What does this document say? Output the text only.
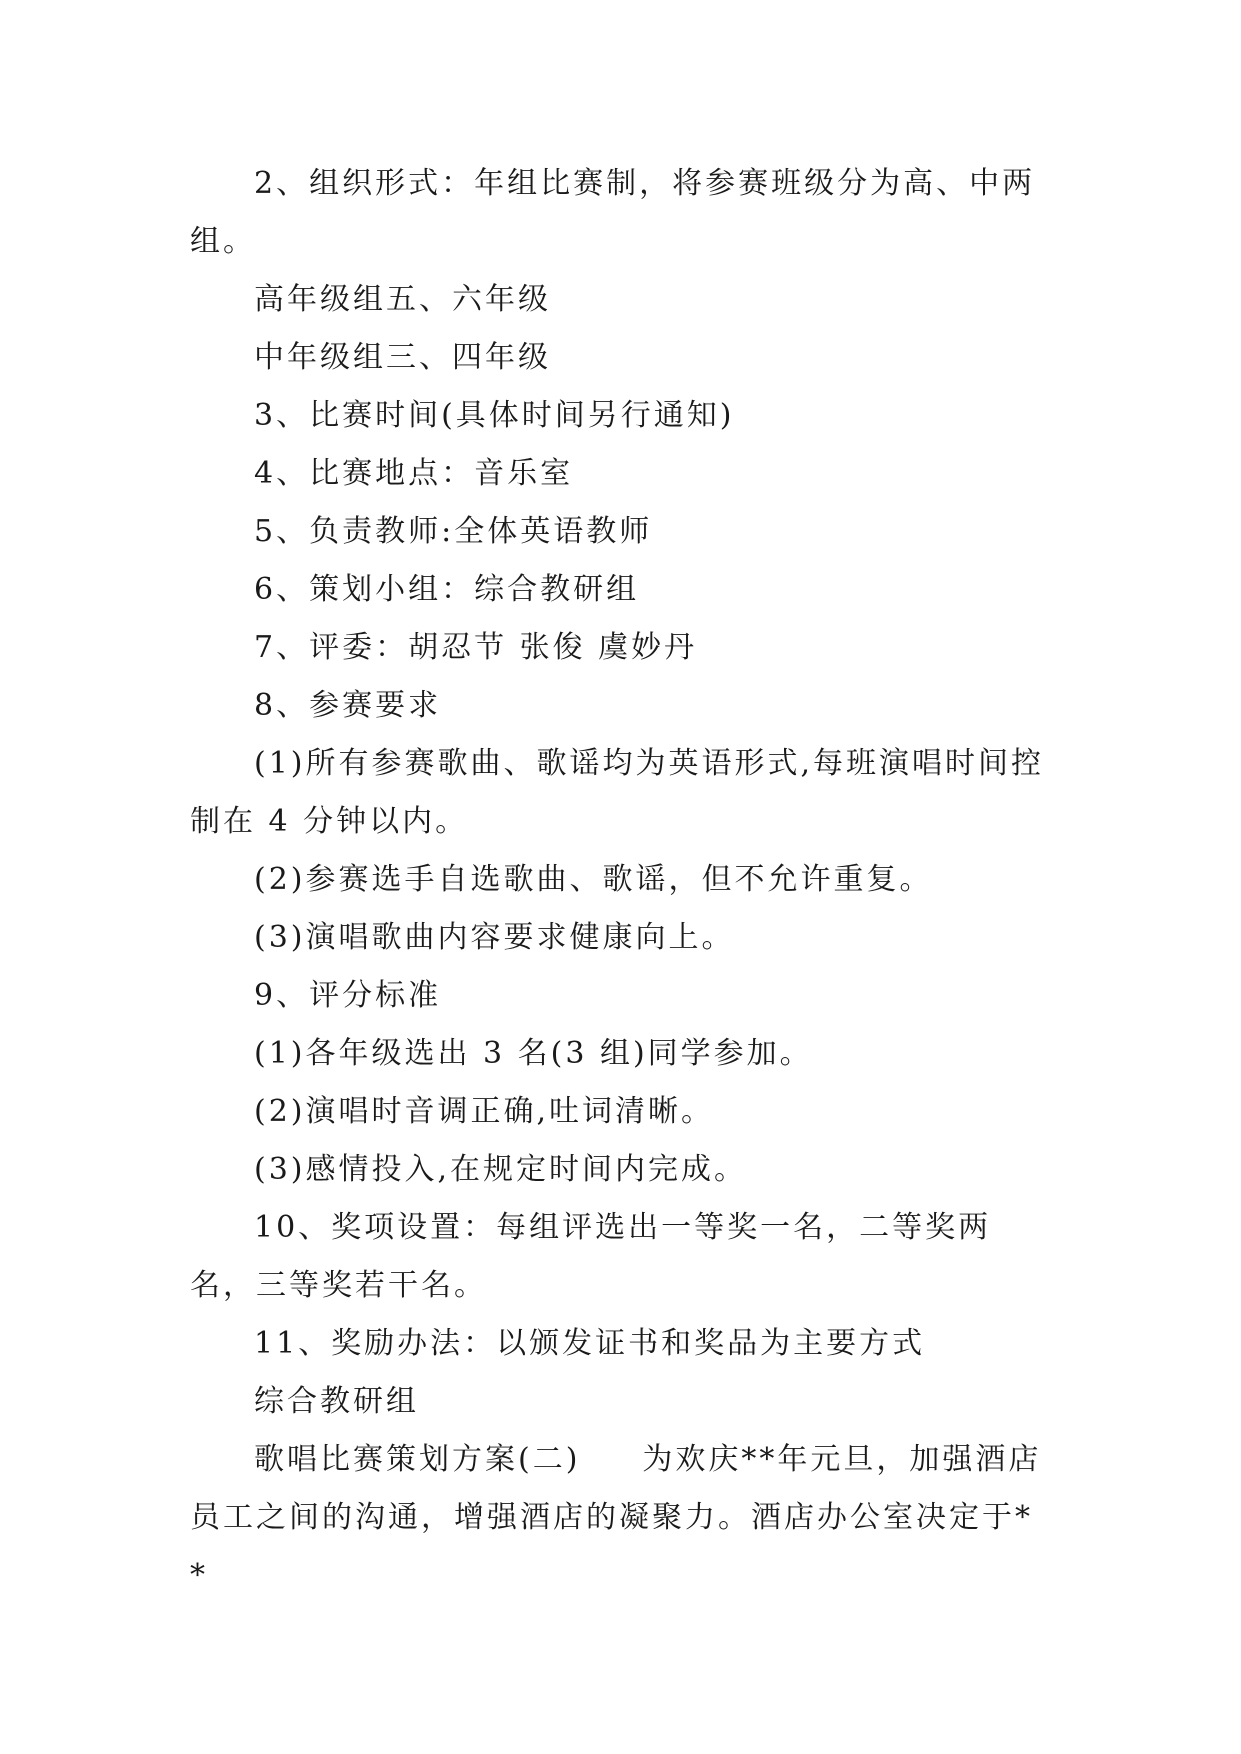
2、组织形式：年组比赛制，将参赛班级分为高、中两组。

高年级组五、六年级

中年级组三、四年级

3、比赛时间(具体时间另行通知)

4、比赛地点：音乐室

5、负责教师:全体英语教师

6、策划小组：综合教研组

7、评委：胡忍节 张俊 虞妙丹

8、参赛要求

(1)所有参赛歌曲、歌谣均为英语形式,每班演唱时间控制在 4 分钟以内。

(2)参赛选手自选歌曲、歌谣，但不允许重复。

(3)演唱歌曲内容要求健康向上。

9、评分标准

(1)各年级选出 3 名(3 组)同学参加。

(2)演唱时音调正确,吐词清晰。

(3)感情投入,在规定时间内完成。

10、奖项设置：每组评选出一等奖一名，二等奖两名，三等奖若干名。

11、奖励办法：以颁发证书和奖品为主要方式

综合教研组

歌唱比赛策划方案(二) 为欢庆**年元旦，加强酒店员工之间的沟通，增强酒店的凝聚力。酒店办公室决定于**
